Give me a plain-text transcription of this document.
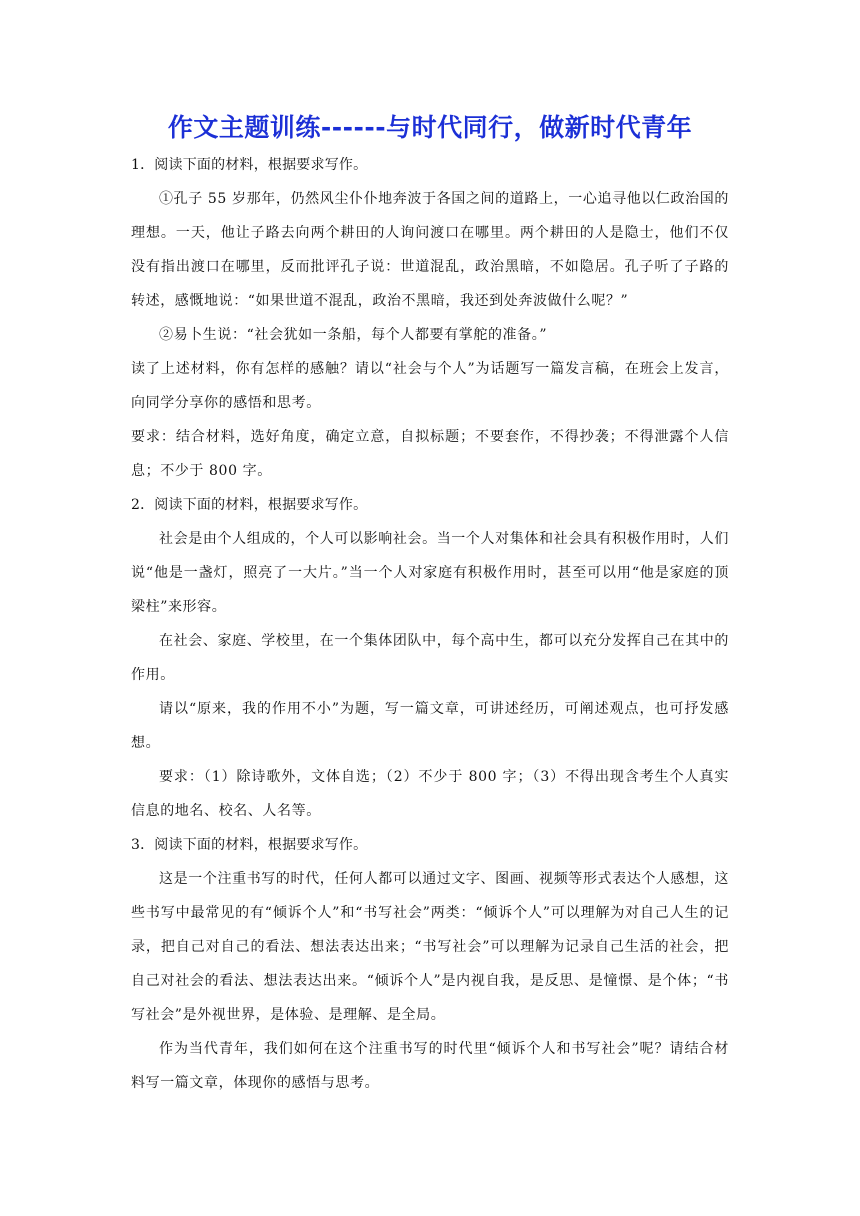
作文主题训练------与时代同行，做新时代青年

1．阅读下面的材料，根据要求写作。

①孔子 55 岁那年，仍然风尘仆仆地奔波于各国之间的道路上，一心追寻他以仁政治国的理想。一天，他让子路去向两个耕田的人询问渡口在哪里。两个耕田的人是隐士，他们不仅没有指出渡口在哪里，反而批评孔子说：世道混乱，政治黑暗，不如隐居。孔子听了子路的转述，感慨地说：“如果世道不混乱，政治不黑暗，我还到处奔波做什么呢？”

②易卜生说：“社会犹如一条船，每个人都要有掌舵的准备。”

读了上述材料，你有怎样的感触？请以“社会与个人”为话题写一篇发言稿，在班会上发言，向同学分享你的感悟和思考。

要求：结合材料，选好角度，确定立意，自拟标题；不要套作，不得抄袭；不得泄露个人信息；不少于 800 字。

2．阅读下面的材料，根据要求写作。

社会是由个人组成的，个人可以影响社会。当一个人对集体和社会具有积极作用时，人们说“他是一盏灯，照亮了一大片。”当一个人对家庭有积极作用时，甚至可以用“他是家庭的顶梁柱”来形容。

在社会、家庭、学校里，在一个集体团队中，每个高中生，都可以充分发挥自己在其中的作用。

请以“原来，我的作用不小”为题，写一篇文章，可讲述经历，可阐述观点，也可抒发感想。

要求：（1）除诗歌外，文体自选；（2）不少于 800 字；（3）不得出现含考生个人真实信息的地名、校名、人名等。

3．阅读下面的材料，根据要求写作。

这是一个注重书写的时代，任何人都可以通过文字、图画、视频等形式表达个人感想，这些书写中最常见的有“倾诉个人”和“书写社会”两类：“倾诉个人”可以理解为对自己人生的记录，把自己对自己的看法、想法表达出来；“书写社会”可以理解为记录自己生活的社会，把自己对社会的看法、想法表达出来。“倾诉个人”是内视自我，是反思、是憧憬、是个体；“书写社会”是外视世界，是体验、是理解、是全局。

作为当代青年，我们如何在这个注重书写的时代里“倾诉个人和书写社会”呢？请结合材料写一篇文章，体现你的感悟与思考。
